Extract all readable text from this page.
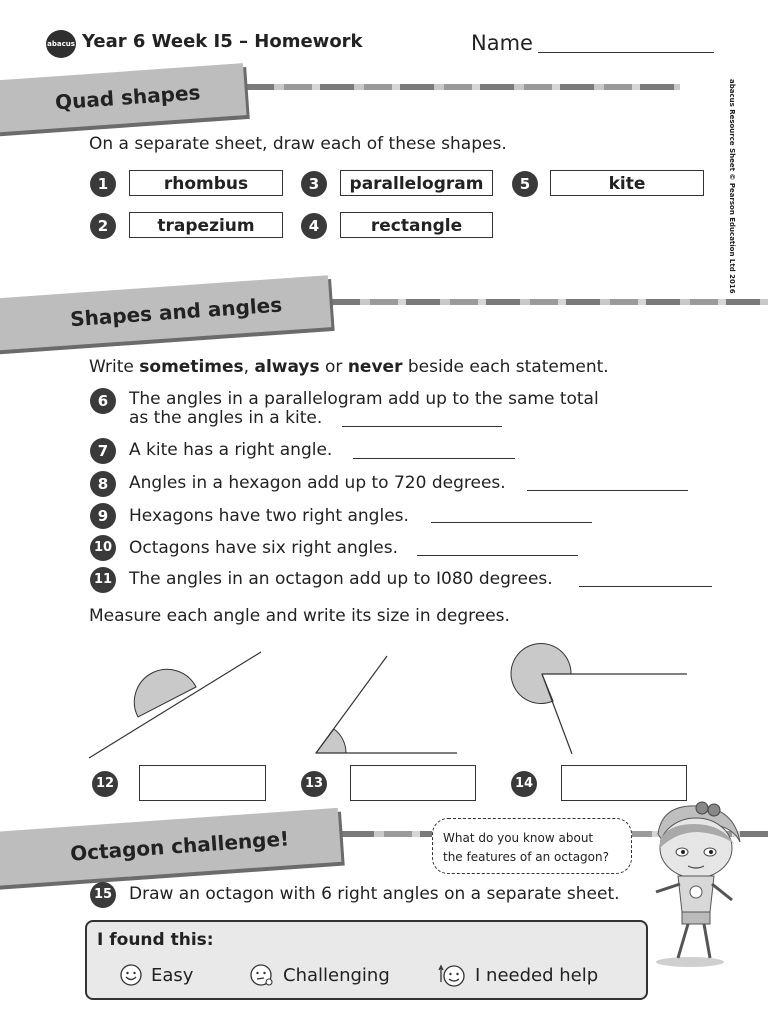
abacus Year 6 Week I5 – Homework	Name
abacus Resource Sheet © Pearson Education Ltd 2016
Quad shapes
On a separate sheet, draw each of these shapes.
1	rhombus
2	trapezium
3	parallelogram
4	rectangle
5	kite
Shapes and angles
Write sometimes, always or never beside each statement.
6	The angles in a parallelogram add up to the same total
as the angles in a kite.
7	A kite has a right angle.
8	Angles in a hexagon add up to 720 degrees.
9	Hexagons have two right angles.
10 Octagons have six right angles.
11 The angles in an octagon add up to I080 degrees.
Measure each angle and write its size in degrees.
12	13	14
Octagon challenge!	What do you know about
the features of an octagon?
15 Draw an octagon with 6 right angles on a separate sheet.
I found this:
Easy	Challenging	I needed help
